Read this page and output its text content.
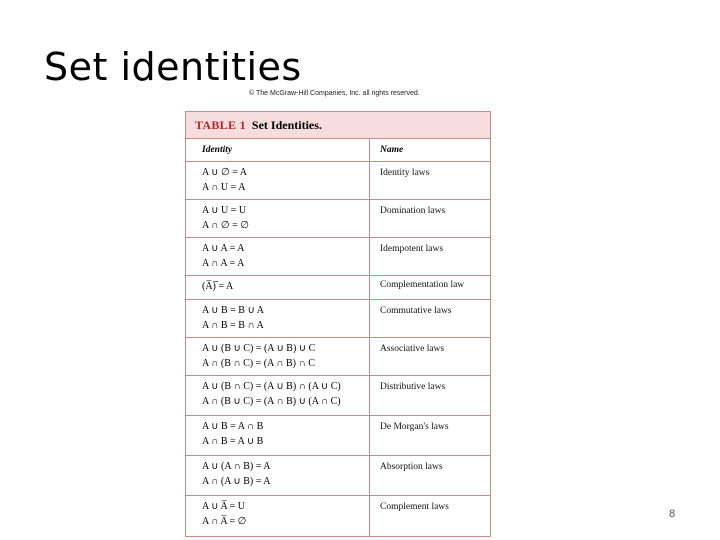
Set identities
© The McGraw-Hill Companies, Inc. all rights reserved.
TABLE 1 Set Identities.
Identity	Name
A ∪ ∅ = A
A ∩ U = A
Identity laws
A ∪ U = U
A ∩ ∅ = ∅
Domination laws
A ∪ A = A
A ∩ A = A
Idempotent laws
(A̅)̅ = A	Complementation law
A ∪ B = B ∪ A
A ∩ B = B ∩ A
Commutative laws
A ∪ (B ∪ C) = (A ∪ B) ∪ C
A ∩ (B ∩ C) = (A ∩ B) ∩ C
Associative laws
A ∪ (B ∩ C) = (A ∪ B) ∩ (A ∪ C)
A ∩ (B ∪ C) = (A ∩ B) ∪ (A ∩ C)
Distributive laws
A ∪ B = A ∩ B
A ∩ B = A ∪ B
De Morgan's laws
A ∪ (A ∩ B) = A
A ∩ (A ∪ B) = A
Absorption laws
A ∪ A̅ = U
A ∩ A̅ = ∅
Complement laws
8
